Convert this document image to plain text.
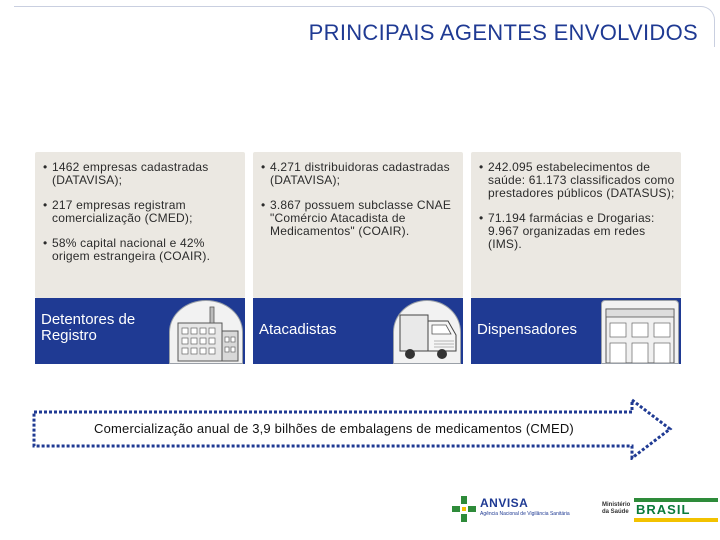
PRINCIPAIS AGENTES ENVOLVIDOS
• 1462 empresas cadastradas (DATAVISA);
• 217 empresas registram comercialização (CMED);
• 58% capital nacional e 42% origem estrangeira (COAIR).
Detentores de Registro
• 4.271 distribuidoras cadastradas (DATAVISA);
• 3.867 possuem subclasse CNAE "Comércio Atacadista de Medicamentos" (COAIR).
Atacadistas
• 242.095 estabelecimentos de saúde: 61.173 classificados como prestadores públicos (DATASUS);
• 71.194 farmácias e Drogarias: 9.967 organizadas em redes (IMS).
Dispensadores
Comercialização anual de 3,9 bilhões de embalagens de medicamentos (CMED)
ANVISA
Agência Nacional de Vigilância Sanitária
Ministério da Saúde BRASIL
